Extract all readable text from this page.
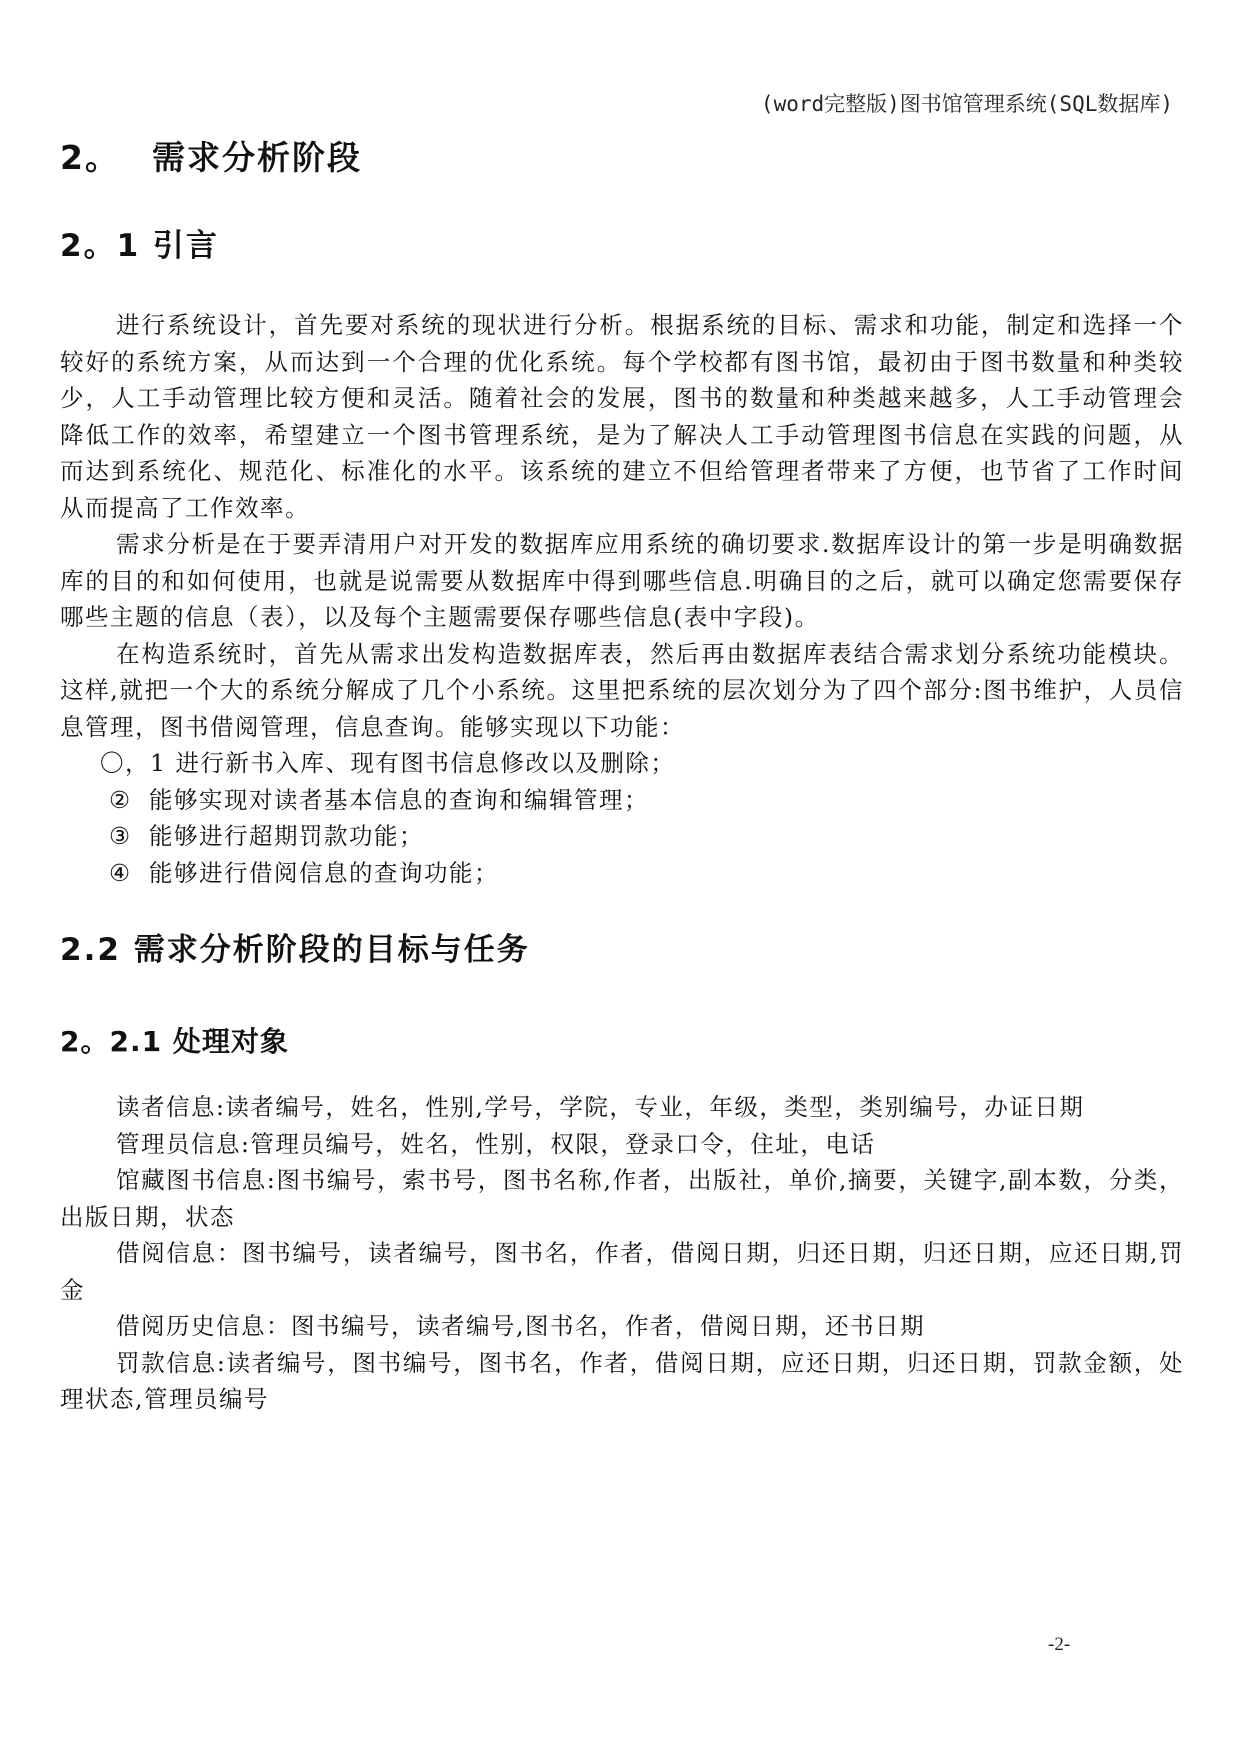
(word完整版)图书馆管理系统(SQL数据库)
2。 需求分析阶段
2。1 引言

进行系统设计，首先要对系统的现状进行分析。根据系统的目标、需求和功能，制定和选择一个较好的系统方案，从而达到一个合理的优化系统。每个学校都有图书馆，最初由于图书数量和种类较少，人工手动管理比较方便和灵活。随着社会的发展，图书的数量和种类越来越多，人工手动管理会降低工作的效率，希望建立一个图书管理系统，是为了解决人工手动管理图书信息在实践的问题，从而达到系统化、规范化、标准化的水平。该系统的建立不但给管理者带来了方便，也节省了工作时间从而提高了工作效率。

需求分析是在于要弄清用户对开发的数据库应用系统的确切要求.数据库设计的第一步是明确数据库的目的和如何使用，也就是说需要从数据库中得到哪些信息.明确目的之后，就可以确定您需要保存哪些主题的信息（表），以及每个主题需要保存哪些信息(表中字段)。

在构造系统时，首先从需求出发构造数据库表，然后再由数据库表结合需求划分系统功能模块。这样,就把一个大的系统分解成了几个小系统。这里把系统的层次划分为了四个部分:图书维护，人员信息管理，图书借阅管理，信息查询。能够实现以下功能：

〇，1 进行新书入库、现有图书信息修改以及删除；
② 能够实现对读者基本信息的查询和编辑管理；
③ 能够进行超期罚款功能；
④ 能够进行借阅信息的查询功能；
2.2 需求分析阶段的目标与任务
2。2.1 处理对象

读者信息:读者编号，姓名，性别,学号，学院，专业，年级，类型，类别编号，办证日期

管理员信息:管理员编号，姓名，性别，权限，登录口令，住址，电话

馆藏图书信息:图书编号，索书号，图书名称,作者，出版社，单价,摘要，关键字,副本数，分类，出版日期，状态

借阅信息：图书编号，读者编号，图书名，作者，借阅日期，归还日期，归还日期，应还日期,罚金

借阅历史信息：图书编号，读者编号,图书名，作者，借阅日期，还书日期

罚款信息:读者编号，图书编号，图书名，作者，借阅日期，应还日期，归还日期，罚款金额，处理状态,管理员编号

-2-
